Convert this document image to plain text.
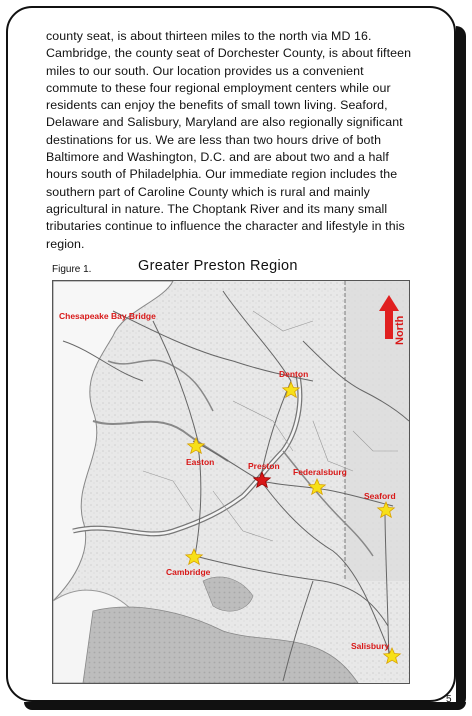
county seat, is about thirteen miles to the north via MD 16. Cambridge, the county seat of Dorchester County, is about fifteen miles to our south. Our location provides us a convenient commute to these four regional employment centers while our residents can enjoy the benefits of small town living. Seaford, Delaware and Salisbury, Maryland are also regionally significant destinations for us. We are less than two hours drive of both Baltimore and Washington, D.C. and are about two and a half hours south of Philadelphia. Our immediate region includes the southern part of Caroline County which is rural and mainly agricultural in nature. The Choptank River and its many small tributaries continue to influence the character and lifestyle in this region.
Figure 1.	Greater Preston Region
North
Chesapeake Bay Bridge
Denton
Easton	Preston
Federalsburg
Seaford
Cambridge
Salisbury
5
